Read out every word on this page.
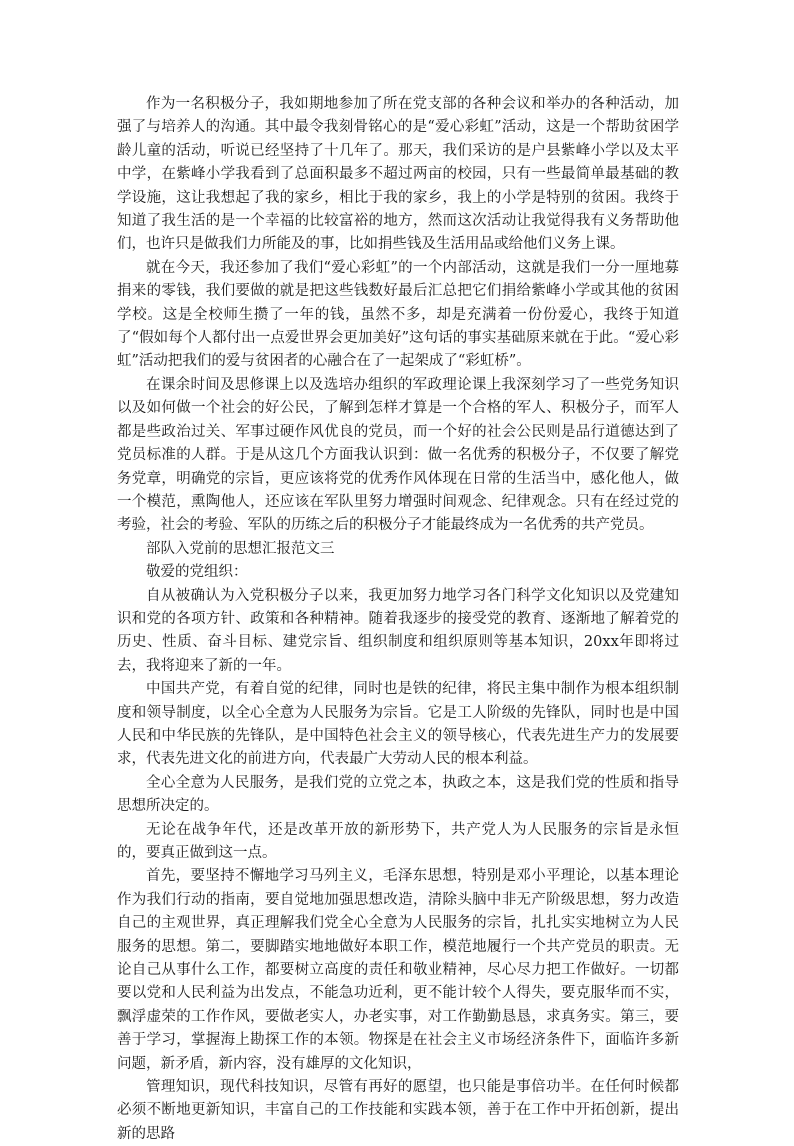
作为一名积极分子，我如期地参加了所在党支部的各种会议和举办的各种活动，加强了与培养人的沟通。其中最令我刻骨铭心的是“爱心彩虹”活动，这是一个帮助贫困学龄儿童的活动，听说已经坚持了十几年了。那天，我们采访的是户县紫峰小学以及太平中学，在紫峰小学我看到了总面积最多不超过两亩的校园，只有一些最简单最基础的教学设施，这让我想起了我的家乡，相比于我的家乡，我上的小学是特别的贫困。我终于知道了我生活的是一个幸福的比较富裕的地方，然而这次活动让我觉得我有义务帮助他们，也许只是做我们力所能及的事，比如捐些钱及生活用品或给他们义务上课。

就在今天，我还参加了我们“爱心彩虹”的一个内部活动，这就是我们一分一厘地募捐来的零钱，我们要做的就是把这些钱数好最后汇总把它们捐给紫峰小学或其他的贫困学校。这是全校师生攒了一年的钱，虽然不多，却是充满着一份份爱心，我终于知道了“假如每个人都付出一点爱世界会更加美好”这句话的事实基础原来就在于此。“爱心彩虹”活动把我们的爱与贫困者的心融合在了一起架成了“彩虹桥”。

在课余时间及思修课上以及选培办组织的军政理论课上我深刻学习了一些党务知识以及如何做一个社会的好公民，了解到怎样才算是一个合格的军人、积极分子，而军人都是些政治过关、军事过硬作风优良的党员，而一个好的社会公民则是品行道德达到了党员标准的人群。于是从这几个方面我认识到：做一名优秀的积极分子，不仅要了解党务党章，明确党的宗旨，更应该将党的优秀作风体现在日常的生活当中，感化他人，做一个模范，熏陶他人，还应该在军队里努力增强时间观念、纪律观念。只有在经过党的考验，社会的考验、军队的历练之后的积极分子才能最终成为一名优秀的共产党员。

部队入党前的思想汇报范文三

敬爱的党组织：

自从被确认为入党积极分子以来，我更加努力地学习各门科学文化知识以及党建知识和党的各项方针、政策和各种精神。随着我逐步的接受党的教育、逐渐地了解着党的历史、性质、奋斗目标、建党宗旨、组织制度和组织原则等基本知识，20xx年即将过去，我将迎来了新的一年。

中国共产党，有着自觉的纪律，同时也是铁的纪律，将民主集中制作为根本组织制度和领导制度，以全心全意为人民服务为宗旨。它是工人阶级的先锋队，同时也是中国人民和中华民族的先锋队，是中国特色社会主义的领导核心，代表先进生产力的发展要求，代表先进文化的前进方向，代表最广大劳动人民的根本利益。

全心全意为人民服务，是我们党的立党之本，执政之本，这是我们党的性质和指导思想所决定的。

无论在战争年代，还是改革开放的新形势下，共产党人为人民服务的宗旨是永恒的，要真正做到这一点。

首先，要坚持不懈地学习马列主义，毛泽东思想，特别是邓小平理论，以基本理论作为我们行动的指南，要自觉地加强思想改造，清除头脑中非无产阶级思想，努力改造自己的主观世界，真正理解我们党全心全意为人民服务的宗旨，扎扎实实地树立为人民服务的思想。第二，要脚踏实地地做好本职工作，模范地履行一个共产党员的职责。无论自己从事什么工作，都要树立高度的责任和敬业精神，尽心尽力把工作做好。一切都要以党和人民利益为出发点，不能急功近利，更不能计较个人得失，要克服华而不实，飘浮虚荣的工作作风，要做老实人，办老实事，对工作勤勤恳恳，求真务实。第三，要善于学习，掌握海上勘探工作的本领。物探是在社会主义市场经济条件下，面临许多新问题，新矛盾，新内容，没有雄厚的文化知识，

管理知识，现代科技知识，尽管有再好的愿望，也只能是事倍功半。在任何时候都必须不断地更新知识，丰富自己的工作技能和实践本领，善于在工作中开拓创新，提出新的思路
